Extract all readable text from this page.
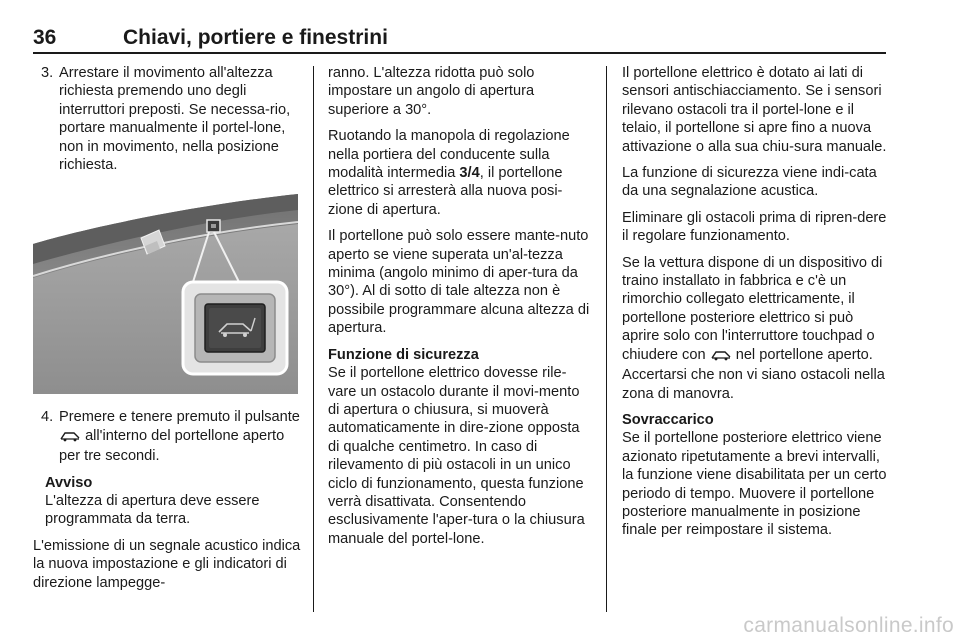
36	Chiavi, portiere e finestrini
3. Arrestare il movimento all'altezza richiesta premendo uno degli interruttori preposti. Se necessa-rio, portare manualmente il portel-lone, non in movimento, nella posizione richiesta.
4. Premere e tenere premuto il pulsante  all'interno del portellone aperto per tre secondi.

Avviso

L'altezza di apertura deve essere programmata da terra.

L'emissione di un segnale acustico indica la nuova impostazione e gli indicatori di direzione lampegge-

ranno. L'altezza ridotta può solo impostare un angolo di apertura superiore a 30°.

Ruotando la manopola di regolazione nella portiera del conducente sulla modalità intermedia 3/4, il portellone elettrico si arresterà alla nuova posi-zione di apertura.

Il portellone può solo essere mante-nuto aperto se viene superata un'al-tezza minima (angolo minimo di aper-tura da 30°). Al di sotto di tale altezza non è possibile programmare alcuna altezza di apertura.

Funzione di sicurezza

Se il portellone elettrico dovesse rile-vare un ostacolo durante il movi-mento di apertura o chiusura, si muoverà automaticamente in dire-zione opposta di qualche centimetro. In caso di rilevamento di più ostacoli in un unico ciclo di funzionamento, questa funzione verrà disattivata. Consentendo esclusivamente l'aper-tura o la chiusura manuale del portel-lone.

Il portellone elettrico è dotato ai lati di sensori antischiacciamento. Se i sensori rilevano ostacoli tra il portel-lone e il telaio, il portellone si apre fino a nuova attivazione o alla sua chiu-sura manuale.

La funzione di sicurezza viene indi-cata da una segnalazione acustica.

Eliminare gli ostacoli prima di ripren-dere il regolare funzionamento.

Se la vettura dispone di un dispositivo di traino installato in fabbrica e c'è un rimorchio collegato elettricamente, il portellone posteriore elettrico si può aprire solo con l'interruttore touchpad o chiudere con nel portellone aperto. Accertarsi che non vi siano ostacoli nella zona di manovra.

Sovraccarico

Se il portellone posteriore elettrico viene azionato ripetutamente a brevi intervalli, la funzione viene disabilitata per un certo periodo di tempo. Muovere il portellone posteriore manualmente in posizione finale per reimpostare il sistema.

carmanualsonline.info
